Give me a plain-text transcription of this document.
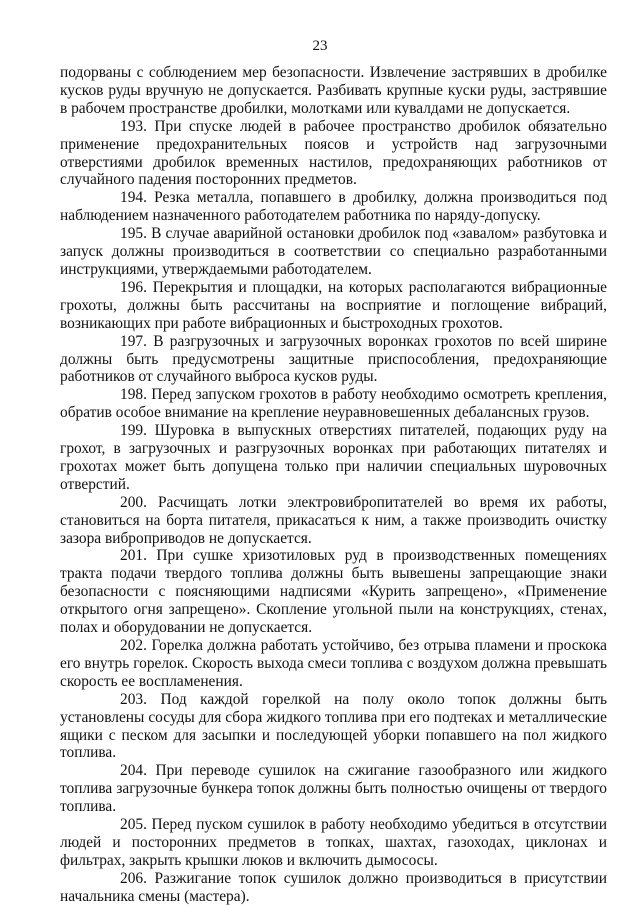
23

подорваны с соблюдением мер безопасности. Извлечение застрявших в дробилке кусков руды вручную не допускается. Разбивать крупные куски руды, застрявшие в рабочем пространстве дробилки, молотками или кувалдами не допускается.

193. При спуске людей в рабочее пространство дробилок обязательно применение предохранительных поясов и устройств над загрузочными отверстиями дробилок временных настилов, предохраняющих работников от случайного падения посторонних предметов.

194. Резка металла, попавшего в дробилку, должна производиться под наблюдением назначенного работодателем работника по наряду-допуску.

195. В случае аварийной остановки дробилок под «завалом» разбутовка и запуск должны производиться в соответствии со специально разработанными инструкциями, утверждаемыми работодателем.

196. Перекрытия и площадки, на которых располагаются вибрационные грохоты, должны быть рассчитаны на восприятие и поглощение вибраций, возникающих при работе вибрационных и быстроходных грохотов.

197. В разгрузочных и загрузочных воронках грохотов по всей ширине должны быть предусмотрены защитные приспособления, предохраняющие работников от случайного выброса кусков руды.

198. Перед запуском грохотов в работу необходимо осмотреть крепления, обратив особое внимание на крепление неуравновешенных дебалансных грузов.

199. Шуровка в выпускных отверстиях питателей, подающих руду на грохот, в загрузочных и разгрузочных воронках при работающих питателях и грохотах может быть допущена только при наличии специальных шуровочных отверстий.

200. Расчищать лотки электровибропитателей во время их работы, становиться на борта питателя, прикасаться к ним, а также производить очистку зазора виброприводов не допускается.

201. При сушке хризотиловых руд в производственных помещениях тракта подачи твердого топлива должны быть вывешены запрещающие знаки безопасности с поясняющими надписями «Курить запрещено», «Применение открытого огня запрещено». Скопление угольной пыли на конструкциях, стенах, полах и оборудовании не допускается.

202. Горелка должна работать устойчиво, без отрыва пламени и проскока его внутрь горелок. Скорость выхода смеси топлива с воздухом должна превышать скорость ее воспламенения.

203. Под каждой горелкой на полу около топок должны быть установлены сосуды для сбора жидкого топлива при его подтеках и металлические ящики с песком для засыпки и последующей уборки попавшего на пол жидкого топлива.

204. При переводе сушилок на сжигание газообразного или жидкого топлива загрузочные бункера топок должны быть полностью очищены от твердого топлива.

205. Перед пуском сушилок в работу необходимо убедиться в отсутствии людей и посторонних предметов в топках, шахтах, газоходах, циклонах и фильтрах, закрыть крышки люков и включить дымососы.

206. Разжигание топок сушилок должно производиться в присутствии начальника смены (мастера).
